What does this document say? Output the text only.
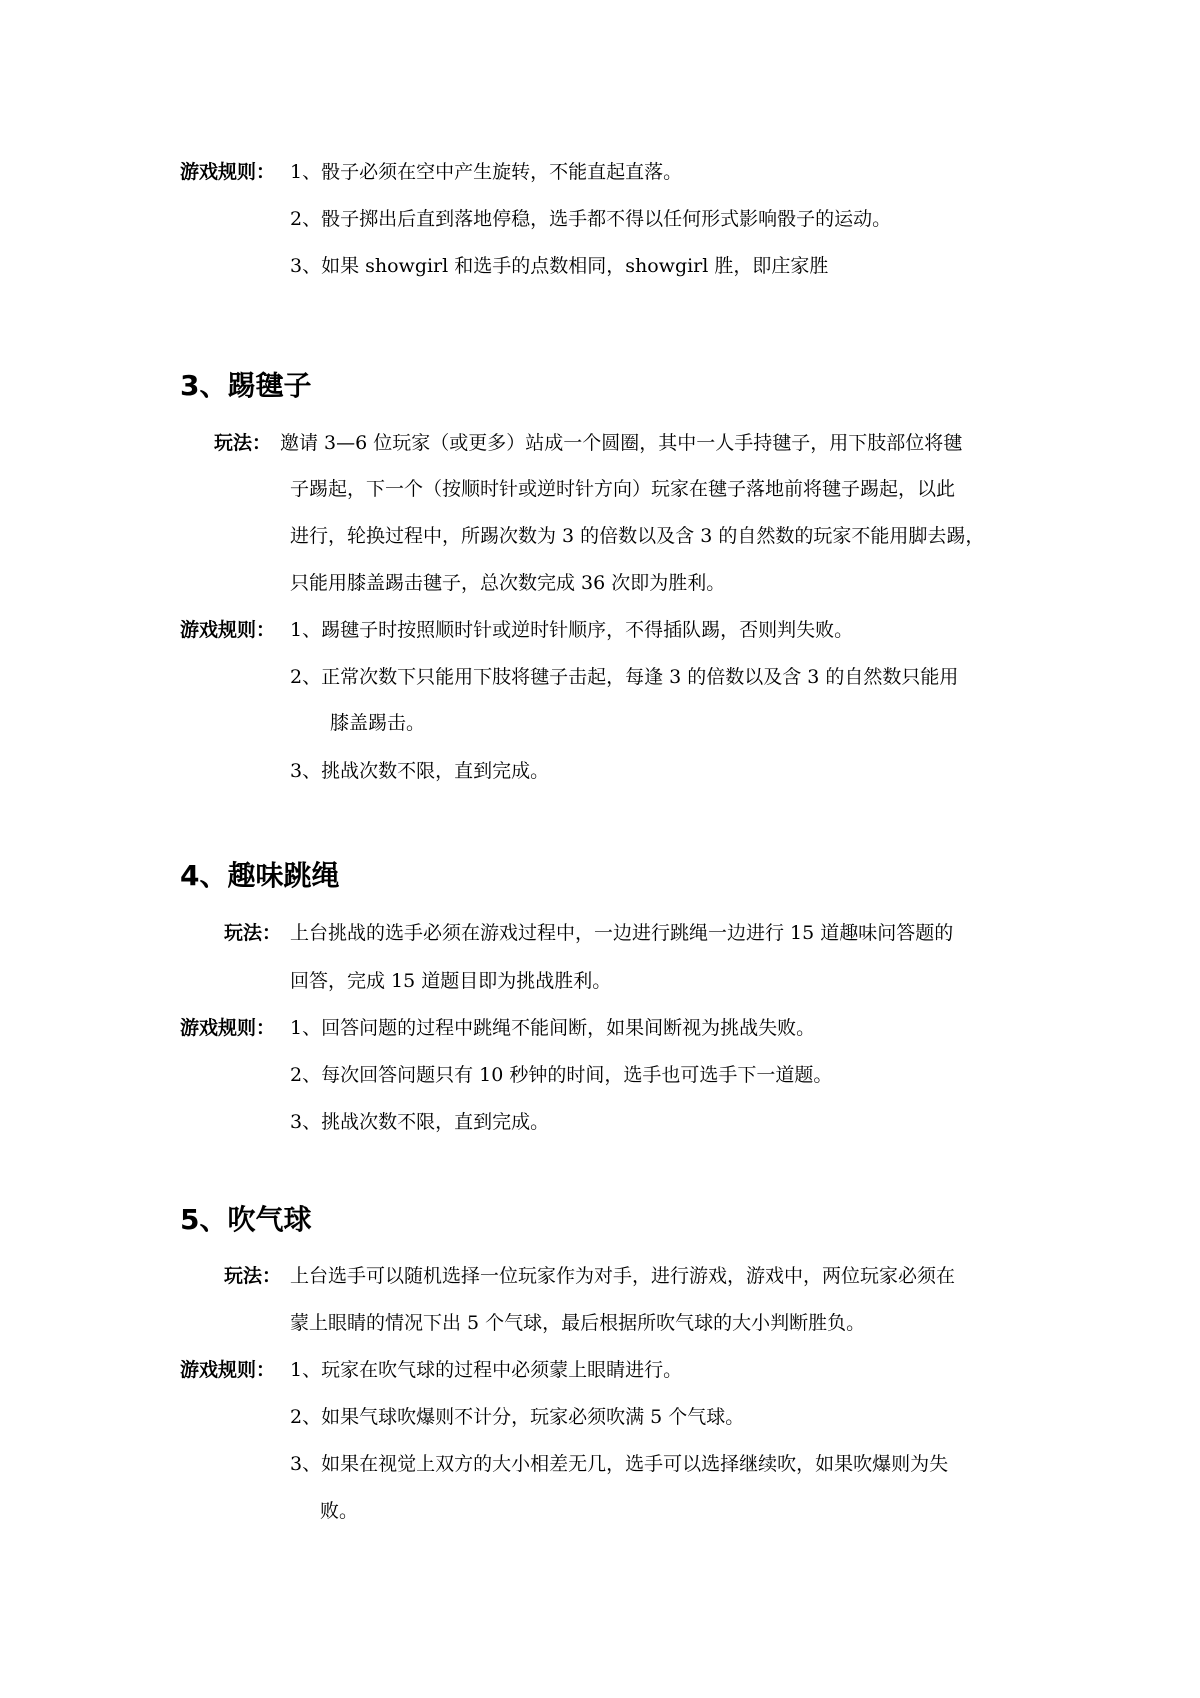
游戏规则： 1、骰子必须在空中产生旋转，不能直起直落。
2、骰子掷出后直到落地停稳，选手都不得以任何形式影响骰子的运动。
3、如果 showgirl 和选手的点数相同，showgirl 胜，即庄家胜
3、踢毽子
玩法： 邀请 3—6 位玩家（或更多）站成一个圆圈，其中一人手持毽子，用下肢部位将毽
子踢起，下一个（按顺时针或逆时针方向）玩家在毽子落地前将毽子踢起，以此
进行，轮换过程中，所踢次数为 3 的倍数以及含 3 的自然数的玩家不能用脚去踢，
只能用膝盖踢击毽子，总次数完成 36 次即为胜利。
游戏规则： 1、踢毽子时按照顺时针或逆时针顺序，不得插队踢，否则判失败。
2、正常次数下只能用下肢将毽子击起，每逢 3 的倍数以及含 3 的自然数只能用
膝盖踢击。
3、挑战次数不限，直到完成。
4、趣味跳绳
玩法： 上台挑战的选手必须在游戏过程中，一边进行跳绳一边进行 15 道趣味问答题的
回答，完成 15 道题目即为挑战胜利。
游戏规则： 1、回答问题的过程中跳绳不能间断，如果间断视为挑战失败。
2、每次回答问题只有 10 秒钟的时间，选手也可选手下一道题。
3、挑战次数不限，直到完成。
5、吹气球
玩法： 上台选手可以随机选择一位玩家作为对手，进行游戏，游戏中，两位玩家必须在
蒙上眼睛的情况下出 5 个气球，最后根据所吹气球的大小判断胜负。
游戏规则： 1、玩家在吹气球的过程中必须蒙上眼睛进行。
2、如果气球吹爆则不计分，玩家必须吹满 5 个气球。
3、如果在视觉上双方的大小相差无几，选手可以选择继续吹，如果吹爆则为失
败。
